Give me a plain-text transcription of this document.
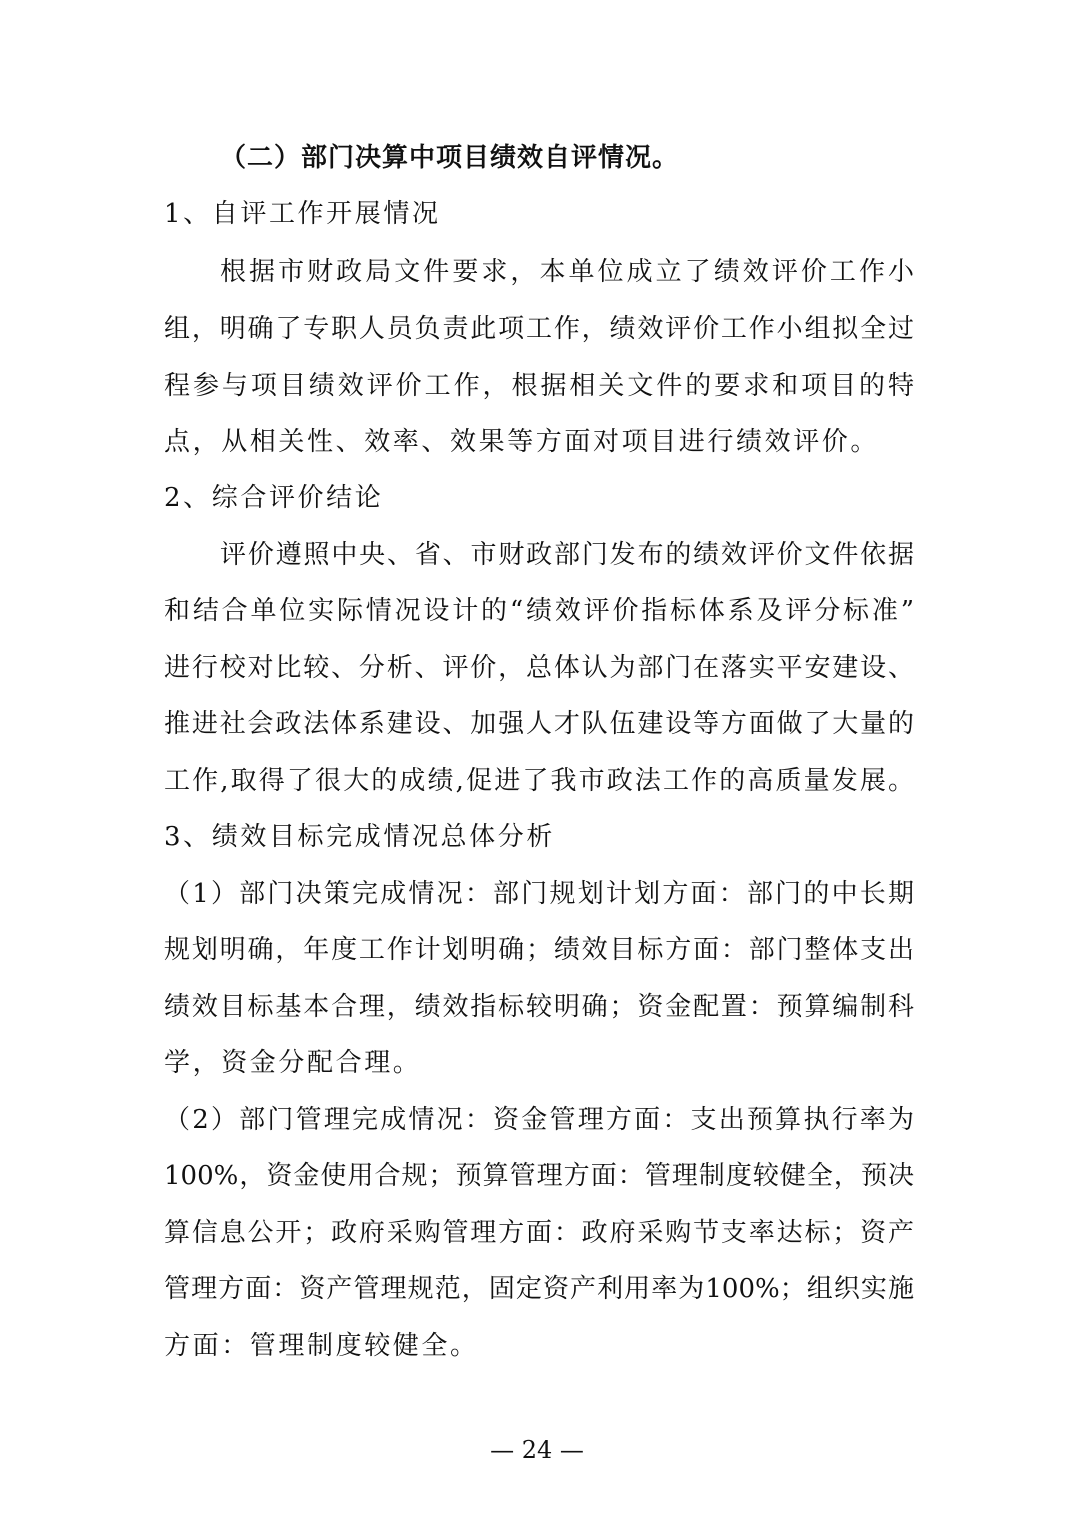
（二）部门决算中项目绩效自评情况。
1、自评工作开展情况
根据市财政局文件要求，本单位成立了绩效评价工作小
组，明确了专职人员负责此项工作，绩效评价工作小组拟全过
程参与项目绩效评价工作，根据相关文件的要求和项目的特
点，从相关性、效率、效果等方面对项目进行绩效评价。
2、综合评价结论
评价遵照中央、省、市财政部门发布的绩效评价文件依据
和结合单位实际情况设计的“绩效评价指标体系及评分标准”
进行校对比较、分析、评价，总体认为部门在落实平安建设、
推进社会政法体系建设、加强人才队伍建设等方面做了大量的
工作,取得了很大的成绩,促进了我市政法工作的高质量发展。
3、绩效目标完成情况总体分析
（1）部门决策完成情况：部门规划计划方面：部门的中长期
规划明确，年度工作计划明确；绩效目标方面：部门整体支出
绩效目标基本合理，绩效指标较明确；资金配置：预算编制科
学，资金分配合理。
（2）部门管理完成情况：资金管理方面：支出预算执行率为
100%，资金使用合规；预算管理方面：管理制度较健全，预决
算信息公开；政府采购管理方面：政府采购节支率达标；资产
管理方面：资产管理规范，固定资产利用率为100%；组织实施
方面：管理制度较健全。
— 24 —
